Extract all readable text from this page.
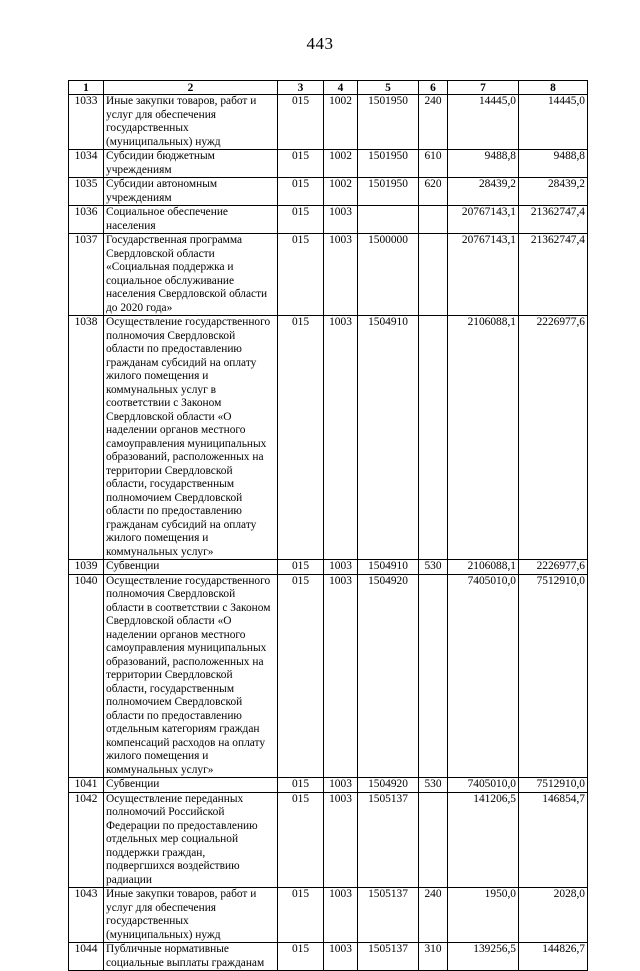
443
1	2	3	4	5	6	7	8
1033	Иные закупки товаров, работ и услуг для обеспечения государственных (муниципальных) нужд	015	1002	1501950	240	14445,0	14445,0
1034	Субсидии бюджетным учреждениям	015	1002	1501950	610	9488,8	9488,8
1035	Субсидии автономным учреждениям	015	1002	1501950	620	28439,2	28439,2
1036	Социальное обеспечение населения	015	1003			20767143,1	21362747,4
1037	Государственная программа Свердловской области «Социальная поддержка и социальное обслуживание населения Свердловской области до 2020 года»	015	1003	1500000		20767143,1	21362747,4
1038	Осуществление государственного полномочия Свердловской области по предоставлению гражданам субсидий на оплату жилого помещения и коммунальных услуг в соответствии с Законом Свердловской области «О наделении органов местного самоуправления муниципальных образований, расположенных на территории Свердловской области, государственным полномочием Свердловской области по предоставлению гражданам субсидий на оплату жилого помещения и коммунальных услуг»	015	1003	1504910		2106088,1	2226977,6
1039	Субвенции	015	1003	1504910	530	2106088,1	2226977,6
1040	Осуществление государственного полномочия Свердловской области в соответствии с Законом Свердловской области «О наделении органов местного самоуправления муниципальных образований, расположенных на территории Свердловской области, государственным полномочием Свердловской области по предоставлению отдельным категориям граждан компенсаций расходов на оплату жилого помещения и коммунальных услуг»	015	1003	1504920		7405010,0	7512910,0
1041	Субвенции	015	1003	1504920	530	7405010,0	7512910,0
1042	Осуществление переданных полномочий Российской Федерации по предоставлению отдельных мер социальной поддержки граждан, подвергшихся воздействию радиации	015	1003	1505137		141206,5	146854,7
1043	Иные закупки товаров, работ и услуг для обеспечения государственных (муниципальных) нужд	015	1003	1505137	240	1950,0	2028,0
1044	Публичные нормативные социальные выплаты гражданам	015	1003	1505137	310	139256,5	144826,7
